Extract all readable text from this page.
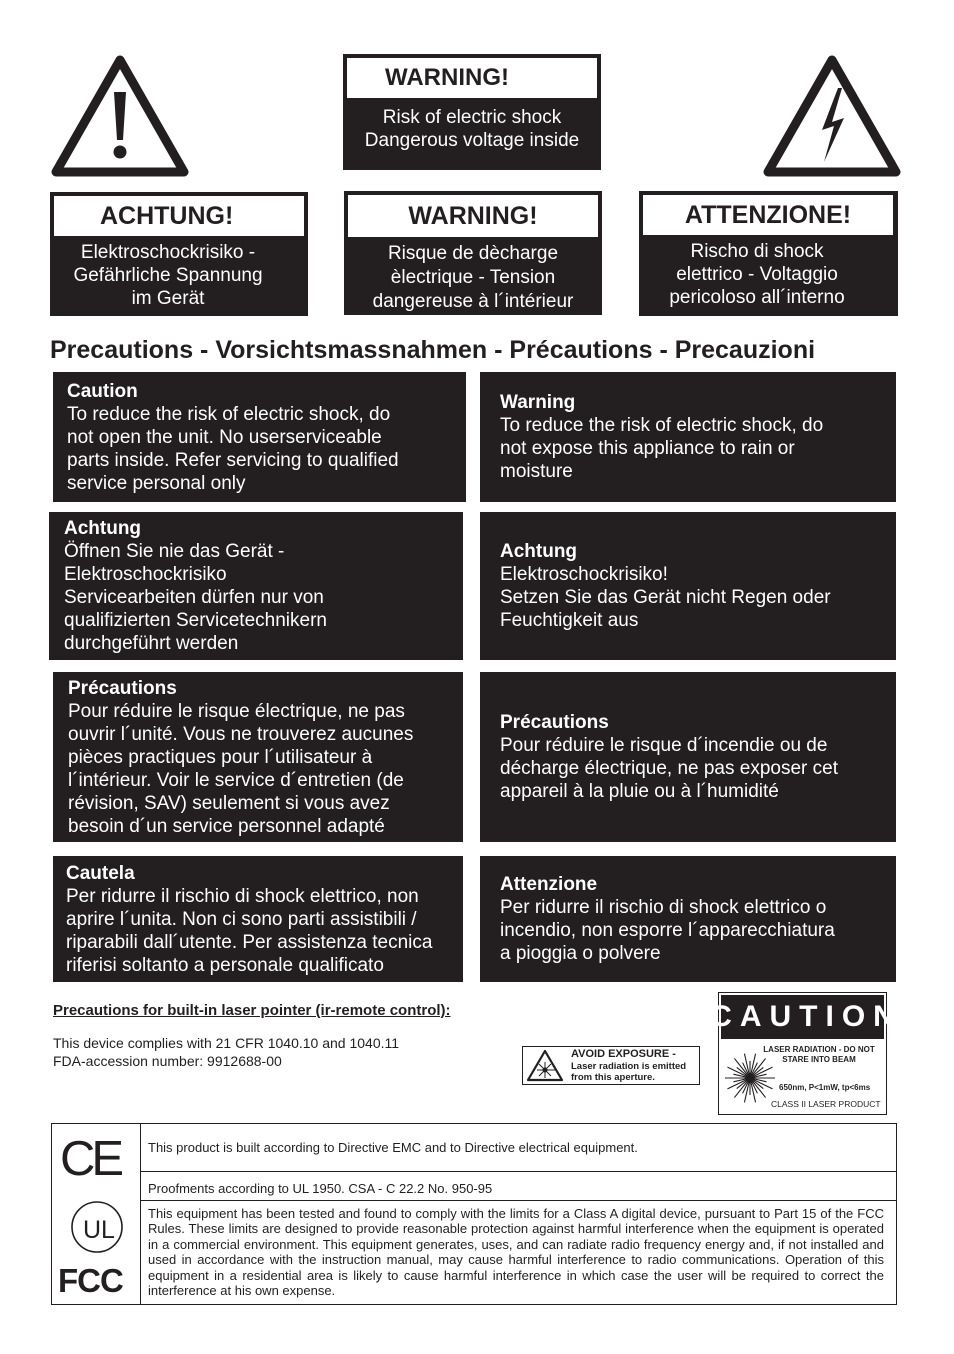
WARNING!
Risk of electric shock
Dangerous voltage inside
ACHTUNG!
Elektroschockrisiko -
Gefährliche Spannung
im Gerät
WARNING!
Risque de dècharge
èlectrique - Tension
dangereuse à l´intérieur
ATTENZIONE!
Rischo di shock
elettrico - Voltaggio
pericoloso all´interno
Precautions - Vorsichtsmassnahmen - Précautions - Precauzioni
Caution
To reduce the risk of electric shock, do
not open the unit. No userserviceable
parts inside. Refer servicing to qualified
service personal only
Warning
To reduce the risk of electric shock, do
not expose this appliance to rain or
moisture
Achtung
Öffnen Sie nie das Gerät -
Elektroschockrisiko
Servicearbeiten dürfen nur von
qualifizierten Servicetechnikern
durchgeführt werden
Achtung
Elektroschockrisiko!
Setzen Sie das Gerät nicht Regen oder
Feuchtigkeit aus
Précautions
Pour réduire le risque électrique, ne pas
ouvrir l´unité. Vous ne trouverez aucunes
pièces practiques pour l´utilisateur à
l´intérieur. Voir le service d´entretien (de
révision, SAV) seulement si vous avez
besoin d´un service personnel adapté
Précautions
Pour réduire le risque d´incendie ou de
décharge électrique, ne pas exposer cet
appareil à la pluie ou à l´humidité
Cautela
Per ridurre il rischio di shock elettrico, non
aprire l´unita. Non ci sono parti assistibili /
riparabili dall´utente. Per assistenza tecnica
riferisi soltanto a personale qualificato
Attenzione
Per ridurre il rischio di shock elettrico o
incendio, non esporre l´apparecchiatura
a pioggia o polvere
Precautions for built-in laser pointer (ir-remote control):
This device complies with 21 CFR 1040.10 and 1040.11
FDA-accession number: 9912688-00	AVOID EXPOSURE -
Laser radiation is emitted
from this aperture.
CAUTION
LASER RADIATION - DO NOT
STARE INTO BEAM
650nm, P<1mW, tp<6ms
CLASS II LASER PRODUCT
CE
UL
FCC
This product is built according to Directive EMC and to Directive electrical equipment.
Proofments according to UL 1950. CSA - C 22.2 No. 950-95
This equipment has been tested and found to comply with the limits for a Class A digital device, pursuant to Part 15 of the FCC Rules. These limits are designed to provide reasonable protection against harmful interference when the equipment is operated in a commercial environment. This equipment generates, uses, and can radiate radio frequency energy and, if not installed and used in accordance with the instruction manual, may cause harmful interference to radio communications. Operation of this equipment in a residential area is likely to cause harmful interference in which case the user will be required to correct the interference at his own expense.
